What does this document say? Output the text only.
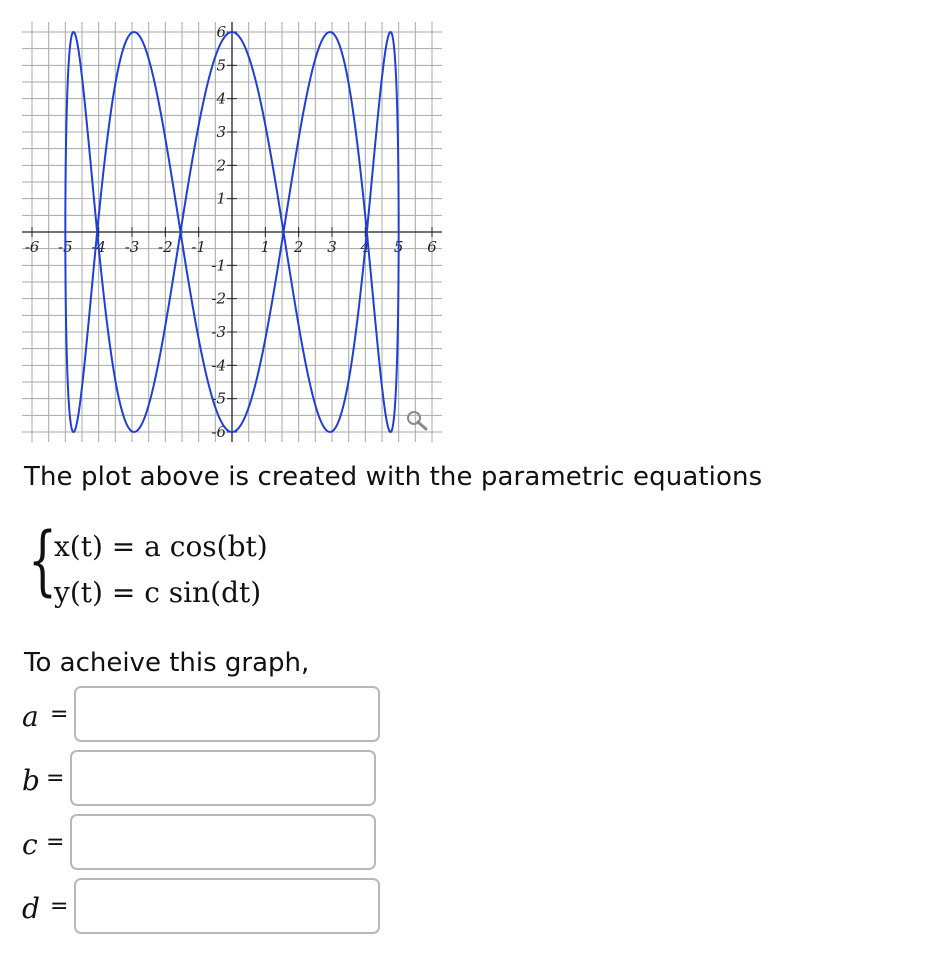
-6 -5 -4 -3 -2 -1	1 2 3 4 5 6
-6
-5
-4
-3
-2
-1
1
2
3
4
5
6
The plot above is created with the parametric equations
{
x(t) = a cos(bt)
y(t) = c sin(dt)
To acheive this graph,
a =
b =
c =
d =
